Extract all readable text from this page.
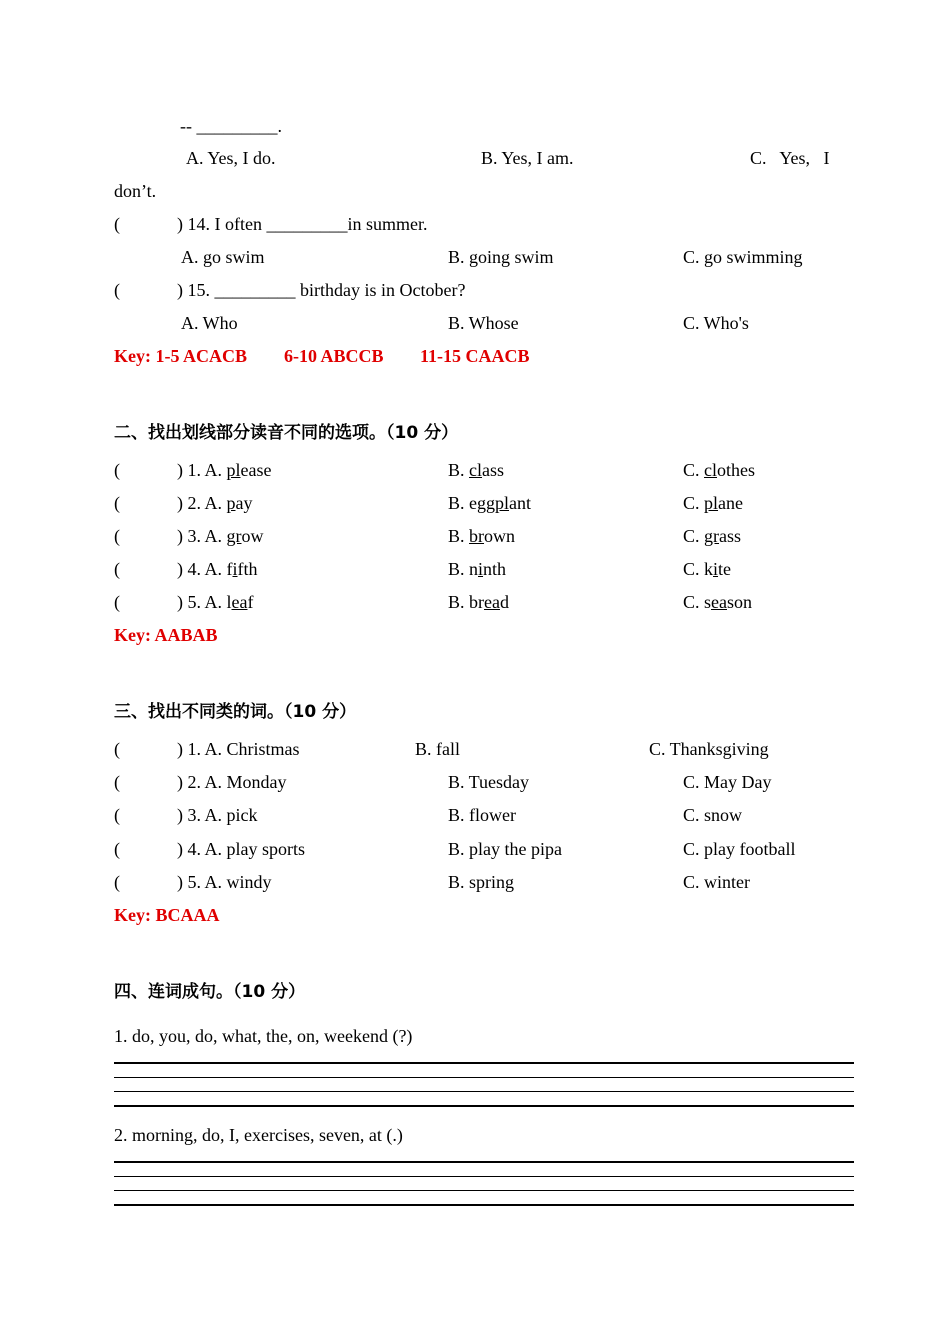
-- _________.
A. Yes, I do.	B. Yes, I am.	C.   Yes,   I
don’t.
(	) 14. I often _________in summer.
A. go swim	B. going swim	C. go swimming
(	) 15. _________ birthday is in October?
A. Who	B. Whose	C. Who's
Key: 1-5 ACACB 6-10 ABCCB 11-15 CAACB
二、找出划线部分读音不同的选项。（10 分）
(	) 1. A. please	B. class	C. clothes
(	) 2. A. pay	B. eggplant	C. plane
(	) 3. A. grow	B. brown	C. grass
(	) 4. A. fifth	B. ninth	C. kite
(	) 5. A. leaf	B. bread	C. season
Key: AABAB
三、找出不同类的词。（10 分）
(	) 1. A. Christmas	B. fall	C. Thanksgiving
(	) 2. A. Monday	B. Tuesday	C. May Day
(	) 3. A. pick	B. flower	C. snow
(	) 4. A. play sports	B. play the pipa	C. play football
(	) 5. A. windy	B. spring	C. winter
Key: BCAAA
四、连词成句。（10 分）
1. do, you, do, what, the, on, weekend (?)
2. morning, do, I, exercises, seven, at (.)
